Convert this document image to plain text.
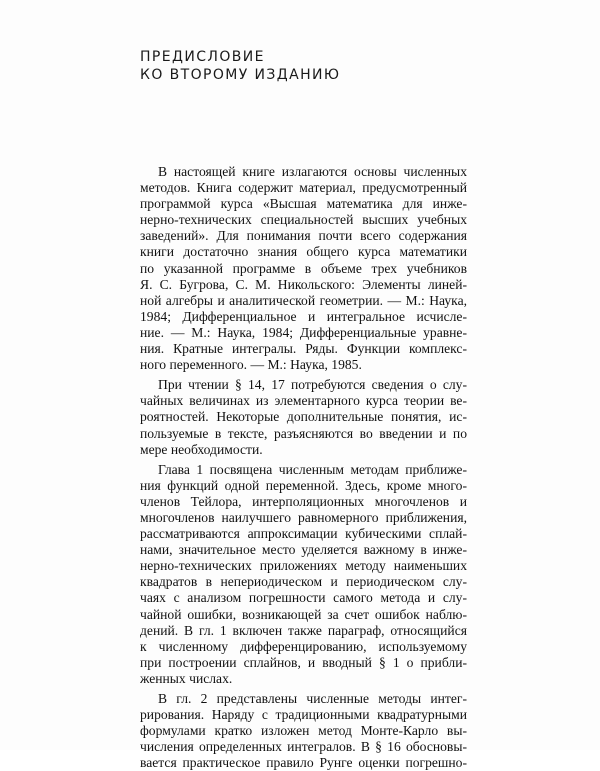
ПРЕДИСЛОВИЕ
КО ВТОРОМУ ИЗДАНИЮ

В настоящей книге излагаются основы численных
методов. Книга содержит материал, предусмотренный
программой курса «Высшая математика для инже-
нерно-технических специальностей высших учебных
заведений». Для понимания почти всего содержания
книги достаточно знания общего курса математики
по указанной программе в объеме трех учебников
Я. С. Бугрова, С. М. Никольского: Элементы линей-
ной алгебры и аналитической геометрии. — М.: Наука,
1984; Дифференциальное и интегральное исчисле-
ние. — М.: Наука, 1984; Дифференциальные уравне-
ния. Кратные интегралы. Ряды. Функции комплекс-
ного переменного. — М.: Наука, 1985.

При чтении § 14, 17 потребуются сведения о слу-
чайных величинах из элементарного курса теории ве-
роятностей. Некоторые дополнительные понятия, ис-
пользуемые в тексте, разъясняются во введении и по
мере необходимости.

Глава 1 посвящена численным методам приближе-
ния функций одной переменной. Здесь, кроме много-
членов Тейлора, интерполяционных многочленов и
многочленов наилучшего равномерного приближения,
рассматриваются аппроксимации кубическими сплай-
нами, значительное место уделяется важному в инже-
нерно-технических приложениях методу наименьших
квадратов в непериодическом и периодическом слу-
чаях с анализом погрешности самого метода и слу-
чайной ошибки, возникающей за счет ошибок наблю-
дений. В гл. 1 включен также параграф, относящийся
к численному дифференцированию, используемому
при построении сплайнов, и вводный § 1 о прибли-
женных числах.

В гл. 2 представлены численные методы интег-
рирования. Наряду с традиционными квадратурными
формулами кратко изложен метод Монте-Карло вы-
числения определенных интегралов. В § 16 обосновы-
вается практическое правило Рунге оценки погрешно-
